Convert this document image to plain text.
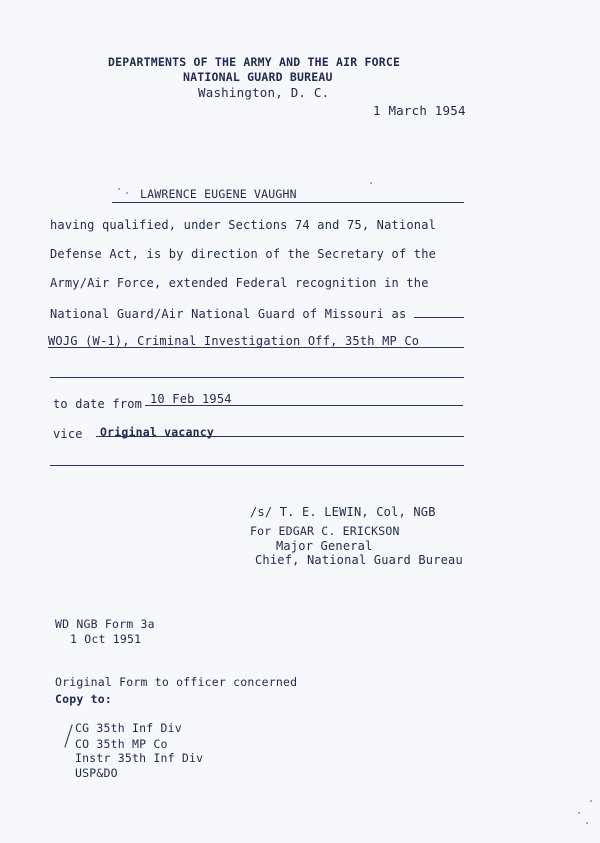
DEPARTMENTS OF THE ARMY AND THE AIR FORCE
NATIONAL GUARD BUREAU
Washington, D. C.
1 March 1954
LAWRENCE EUGENE VAUGHN
having qualified, under Sections 74 and 75, National
Defense Act, is by direction of the Secretary of the
Army/Air Force, extended Federal recognition in the
National Guard/Air National Guard of Missouri as
WOJG (W-1), Criminal Investigation Off, 35th MP Co
to date from 10 Feb 1954
vice Original vacancy
/s/ T. E. LEWIN, Col, NGB
For EDGAR C. ERICKSON
Major General
Chief, National Guard Bureau
WD NGB Form 3a
1 Oct 1951
Original Form to officer concerned
Copy to:
CG 35th Inf Div
CO 35th MP Co
Instr 35th Inf Div
USP&DO
